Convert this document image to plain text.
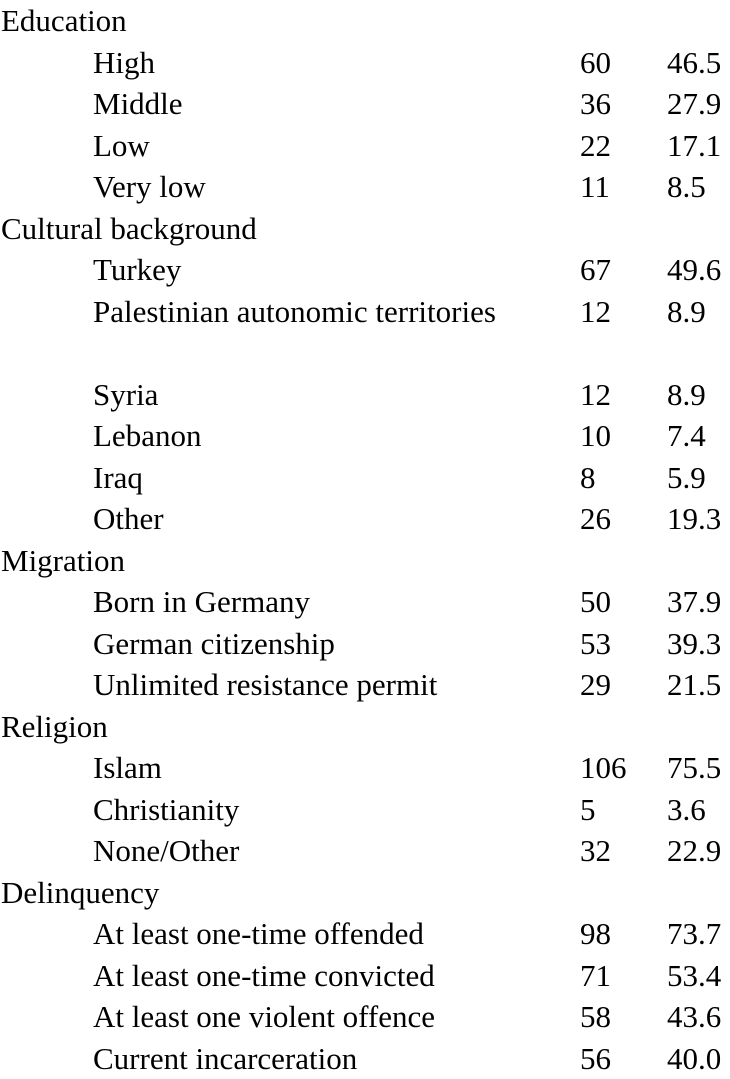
Education
High	60 46.5
Middle	36 27.9
Low	22 17.1
Very low	11 8.5
Cultural background
Turkey	67 49.6
Palestinian autonomic territories	12 8.9
Syria	12 8.9
Lebanon	10 7.4
Iraq	8 5.9
Other	26 19.3
Migration
Born in Germany	50 37.9
German citizenship	53 39.3
Unlimited resistance permit	29 21.5
Religion
Islam	106 75.5
Christianity	5 3.6
None/Other	32 22.9
Delinquency
At least one-time offended	98 73.7
At least one-time convicted	71 53.4
At least one violent offence	58 43.6
Current incarceration	56 40.0
